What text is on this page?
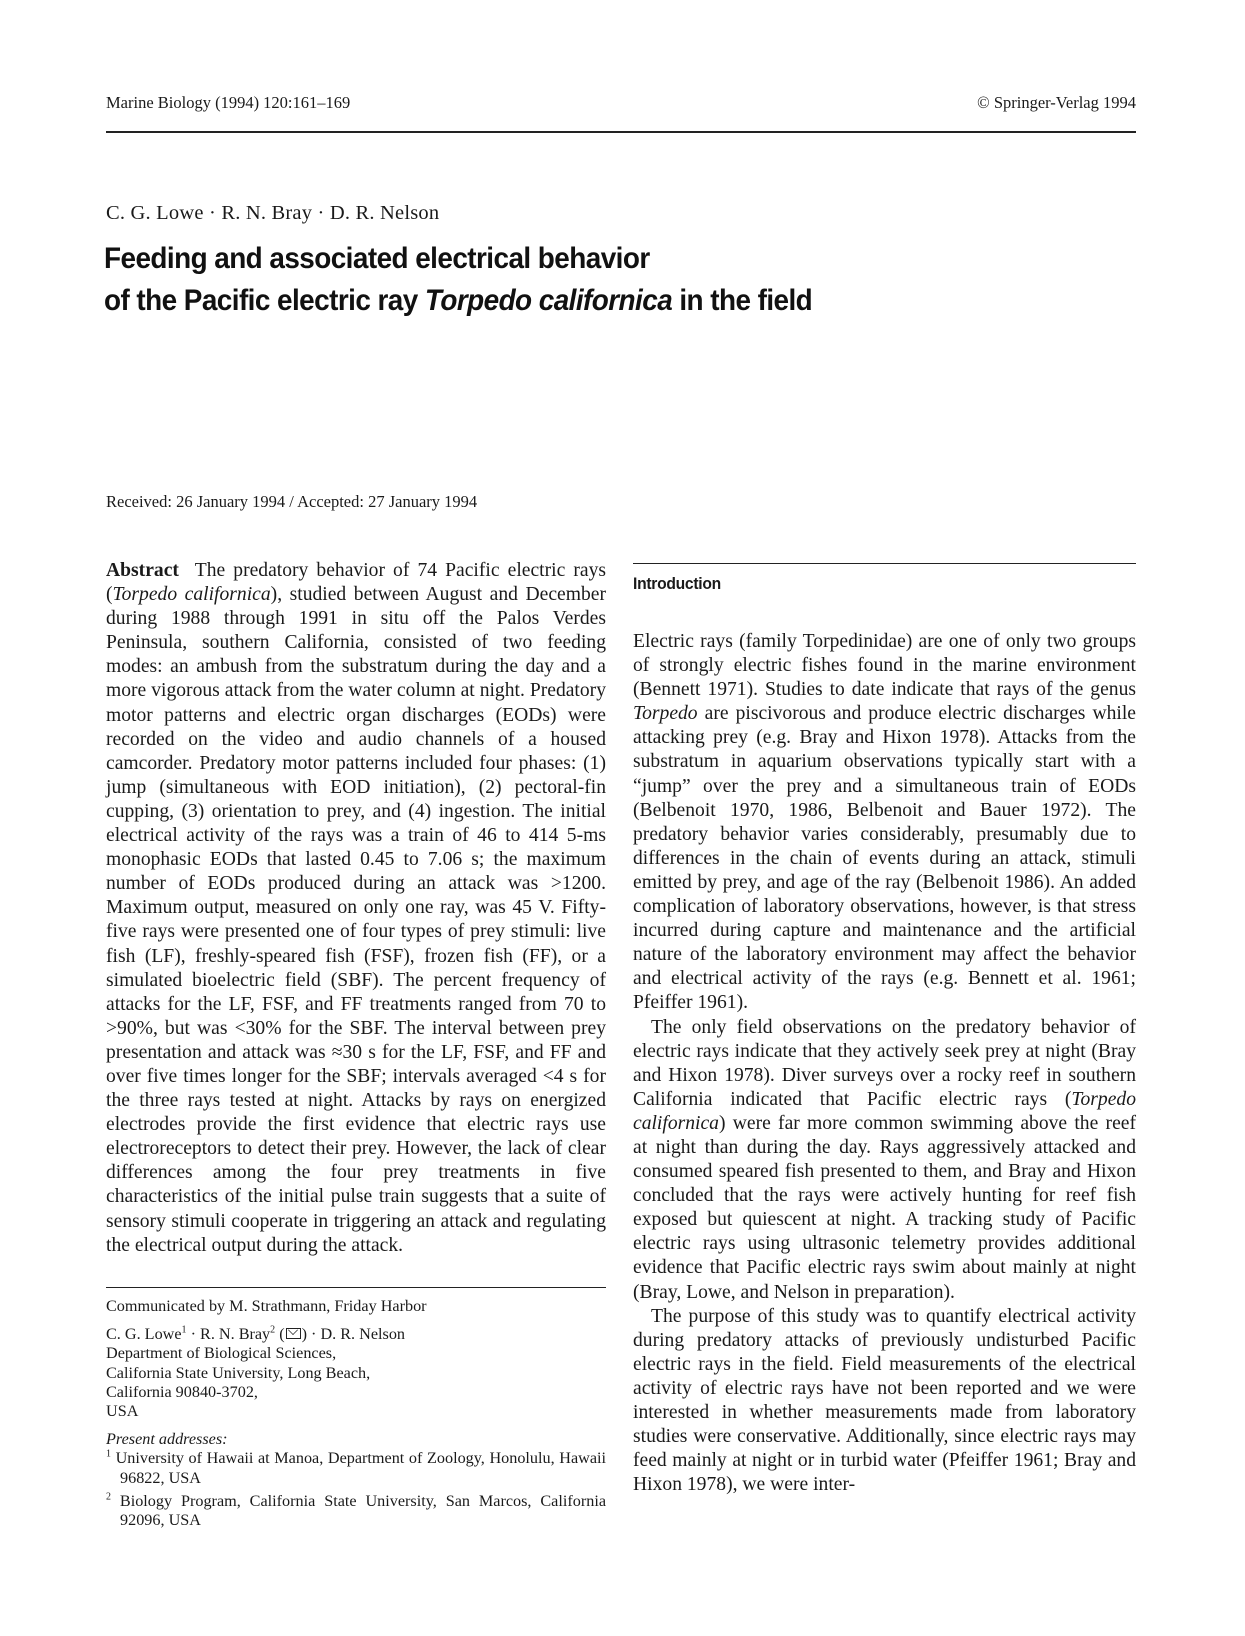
Marine Biology (1994) 120:161–169	© Springer-Verlag 1994
C. G. Lowe · R. N. Bray · D. R. Nelson
Feeding and associated electrical behavior
of the Pacific electric ray Torpedo californica in the field
Received: 26 January 1994 / Accepted: 27 January 1994

Abstract The predatory behavior of 74 Pacific electric rays (Torpedo californica), studied between August and December during 1988 through 1991 in situ off the Palos Verdes Peninsula, southern California, consisted of two feeding modes: an ambush from the substratum during the day and a more vigorous attack from the water column at night. Predatory motor patterns and electric organ discharges (EODs) were recorded on the video and audio channels of a housed camcorder. Predatory motor patterns included four phases: (1) jump (simultaneous with EOD initiation), (2) pectoral-fin cupping, (3) orientation to prey, and (4) ingestion. The initial electrical activity of the rays was a train of 46 to 414 5-ms monophasic EODs that lasted 0.45 to 7.06 s; the maximum number of EODs produced during an attack was >1200. Maximum output, measured on only one ray, was 45 V. Fifty-five rays were presented one of four types of prey stimuli: live fish (LF), freshly-speared fish (FSF), frozen fish (FF), or a simulated bioelectric field (SBF). The percent frequency of attacks for the LF, FSF, and FF treatments ranged from 70 to >90%, but was <30% for the SBF. The interval between prey presentation and attack was ≈30 s for the LF, FSF, and FF and over five times longer for the SBF; intervals averaged <4 s for the three rays tested at night. Attacks by rays on energized electrodes provide the first evidence that electric rays use electroreceptors to detect their prey. However, the lack of clear differences among the four prey treatments in five characteristics of the initial pulse train suggests that a suite of sensory stimuli cooperate in triggering an attack and regulating the electrical output during the attack.

Communicated by M. Strathmann, Friday Harbor

C. G. Lowe$^1$ · R. N. Bray$^2$ ( ) · D. R. Nelson

Department of Biological Sciences,

California State University, Long Beach,

California 90840-3702,

USA

Present addresses:

$^1$ University of Hawaii at Manoa, Department of Zoology, Honolulu, Hawaii 96822, USA

$^2$ Biology Program, California State University, San Marcos, California 92096, USA

Introduction

Electric rays (family Torpedinidae) are one of only two groups of strongly electric fishes found in the marine environment (Bennett 1971). Studies to date indicate that rays of the genus Torpedo are piscivorous and produce electric discharges while attacking prey (e.g. Bray and Hixon 1978). Attacks from the substratum in aquarium observations typically start with a “jump” over the prey and a simultaneous train of EODs (Belbenoit 1970, 1986, Belbenoit and Bauer 1972). The predatory behavior varies considerably, presumably due to differences in the chain of events during an attack, stimuli emitted by prey, and age of the ray (Belbenoit 1986). An added complication of laboratory observations, however, is that stress incurred during capture and maintenance and the artificial nature of the laboratory environment may affect the behavior and electrical activity of the rays (e.g. Bennett et al. 1961; Pfeiffer 1961).

The only field observations on the predatory behavior of electric rays indicate that they actively seek prey at night (Bray and Hixon 1978). Diver surveys over a rocky reef in southern California indicated that Pacific electric rays (Torpedo californica) were far more common swimming above the reef at night than during the day. Rays aggressively attacked and consumed speared fish presented to them, and Bray and Hixon concluded that the rays were actively hunting for reef fish exposed but quiescent at night. A tracking study of Pacific electric rays using ultrasonic telemetry provides additional evidence that Pacific electric rays swim about mainly at night (Bray, Lowe, and Nelson in preparation).

The purpose of this study was to quantify electrical activity during predatory attacks of previously undisturbed Pacific electric rays in the field. Field measurements of the electrical activity of electric rays have not been reported and we were interested in whether measurements made from laboratory studies were conservative. Additionally, since electric rays may feed mainly at night or in turbid water (Pfeiffer 1961; Bray and Hixon 1978), we were inter-
